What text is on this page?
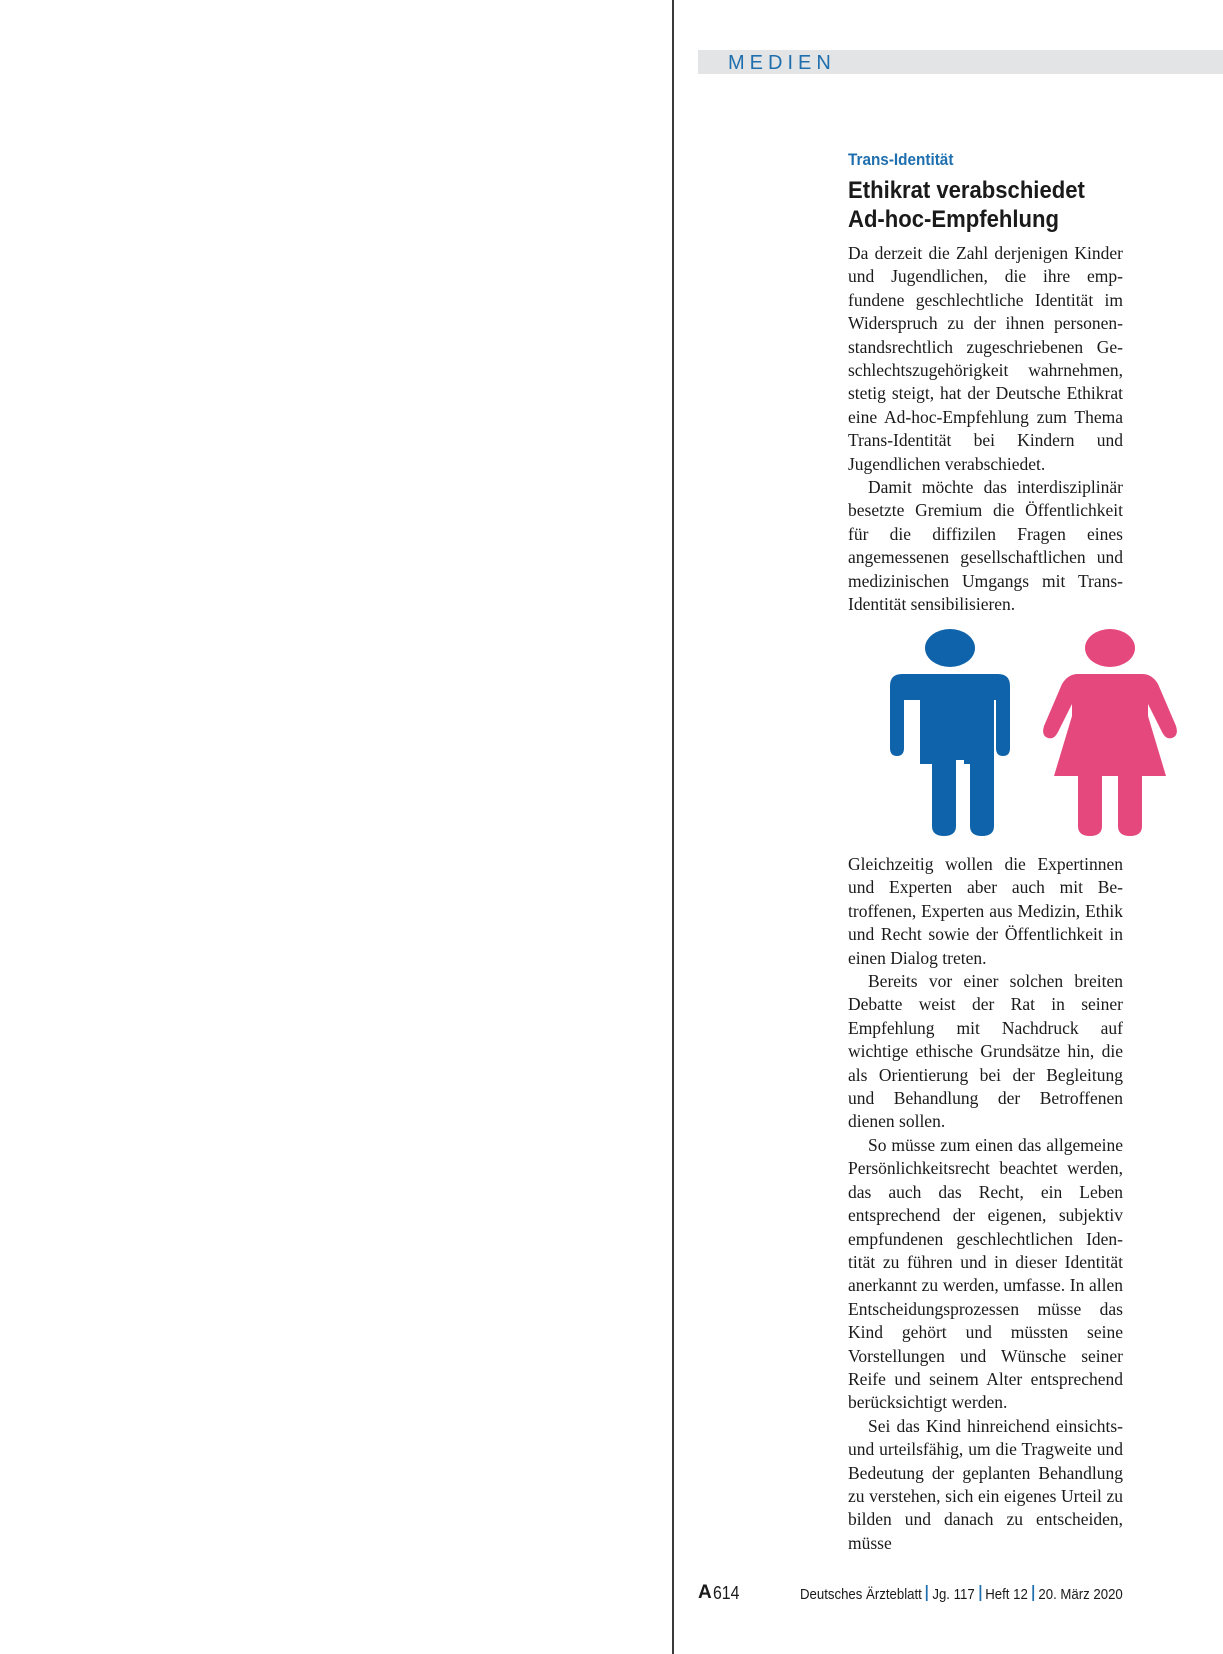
MEDIEN
Trans-Identität
Ethikrat verabschiedet
Ad-hoc-Empfehlung

Da derzeit die Zahl derjenigen Kinder und Jugendlichen, die ihre empfundene geschlechtliche Identität im Widerspruch zu der ihnen personenstandsrechtlich zugeschriebenen Geschlechtszugehörigkeit wahrnehmen, stetig steigt, hat der Deutsche Ethikrat eine Ad-hoc-Empfehlung zum Thema Trans-Identität bei Kindern und Jugendlichen verabschiedet.

Damit möchte das interdisziplinär besetzte Gremium die Öffentlichkeit für die diffizilen Fragen eines angemessenen gesellschaftlichen und medizinischen Umgangs mit Trans-Identität sensibilisieren.

Gleichzeitig wollen die Expertinnen und Experten aber auch mit Betroffenen, Experten aus Medizin, Ethik und Recht sowie der Öffentlichkeit in einen Dialog treten.

Bereits vor einer solchen breiten Debatte weist der Rat in seiner Empfehlung mit Nachdruck auf wichtige ethische Grundsätze hin, die als Orientierung bei der Begleitung und Behandlung der Betroffenen dienen sollen.

So müsse zum einen das allgemeine Persönlichkeitsrecht beachtet werden, das auch das Recht, ein Leben entsprechend der eigenen, subjektiv empfundenen geschlechtlichen Identität zu führen und in dieser Identität anerkannt zu werden, umfasse. In allen Entscheidungsprozessen müsse das Kind gehört und müssten seine Vorstellungen und Wünsche seiner Reife und seinem Alter entsprechend berücksichtigt werden.

Sei das Kind hinreichend einsichts- und urteilsfähig, um die Tragweite und Bedeutung der geplanten Behandlung zu verstehen, sich ein eigenes Urteil zu bilden und danach zu entscheiden, müsse

A 614	Deutsches Ärzteblatt Jg. 117 Heft 12 20. März 2020
